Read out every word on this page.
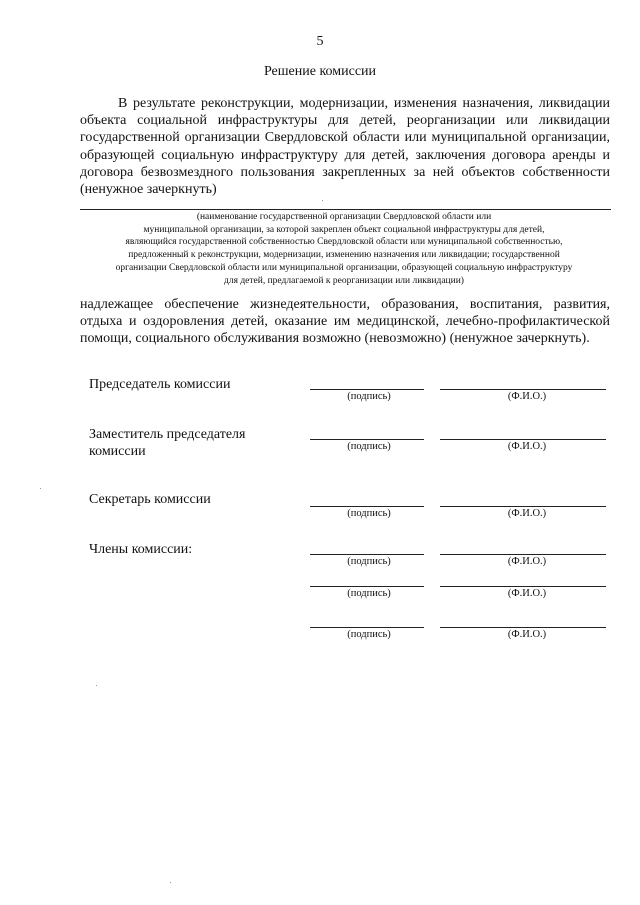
5
Решение комиссии
В результате реконструкции, модернизации, изменения назначения, ликвидации объекта социальной инфраструктуры для детей, реорганизации или ликвидации государственной организации Свердловской области или муниципальной организации, образующей социальную инфраструктуру для детей, заключения договора аренды и договора безвозмездного пользования закрепленных за ней объектов собственности (ненужное зачеркнуть)
(наименование государственной организации Свердловской области или
муниципальной организации, за которой закреплен объект социальной инфраструктуры для детей,
являющийся государственной собственностью Свердловской области или муниципальной собственностью,
предложенный к реконструкции, модернизации, изменению назначения или ликвидации; государственной
организации Свердловской области или муниципальной организации, образующей социальную инфраструктуру
для детей, предлагаемой к реорганизации или ликвидации)
надлежащее обеспечение жизнедеятельности, образования, воспитания, развития, отдыха и оздоровления детей, оказание им медицинской, лечебно-профилактической помощи, социального обслуживания возможно (невозможно) (ненужное зачеркнуть).
Председатель комиссии
(подпись)	(Ф.И.О.)
Заместитель председателя
комиссии	(подпись)	(Ф.И.О.)
Секретарь комиссии
(подпись)	(Ф.И.О.)
Члены комиссии:
(подпись)	(Ф.И.О.)
(подпись)	(Ф.И.О.)
(подпись)	(Ф.И.О.)
